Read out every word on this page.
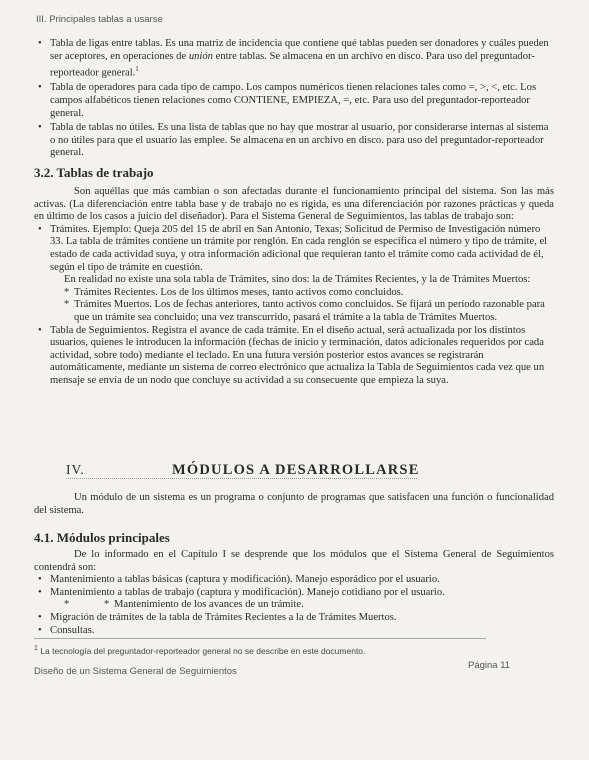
III. Principales tablas a usarse
• Tabla de ligas entre tablas. Es una matriz de incidencia que contiene qué tablas pueden ser donadores y cuáles pueden ser aceptores, en operaciones de unión entre tablas. Se almacena en un archivo en disco. Para uso del preguntador-reporteador general.$^1$
• Tabla de operadores para cada tipo de campo. Los campos numéricos tienen relaciones tales como =, >, <, etc. Los campos alfabéticos tienen relaciones como CONTIENE, EMPIEZA, =, etc. Para uso del preguntador-reporteador general.
• Tabla de tablas no útiles. Es una lista de tablas que no hay que mostrar al usuario, por considerarse internas al sistema o no útiles para que el usuario las emplee. Se almacena en un archivo en disco. para uso del preguntador-reporteador general.
3.2. Tablas de trabajo
Son aquéllas que más cambian o son afectadas durante el funcionamiento principal del sistema. Son las más activas. (La diferenciación entre tabla base y de trabajo no es rígida, es una diferenciación por razones prácticas y queda en último de los casos a juicio del diseñador). Para el Sistema General de Seguimientos, las tablas de trabajo son:
• Trámites. Ejemplo: Queja 205 del 15 de abril en San Antonio, Texas; Solicitud de Permiso de Investigación número 33. La tabla de trámites contiene un trámite por renglón. En cada renglón se especifica el número y tipo de trámite, el estado de cada actividad suya, y otra información adicional que requieran tanto el trámite como cada actividad de él, según el tipo de trámite en cuestión.
En realidad no existe una sola tabla de Trámites, sino dos: la de Trámites Recientes, y la de Trámites Muertos:
* Trámites Recientes. Los de los últimos meses, tanto activos como concluidos.
* Trámites Muertos. Los de fechas anteriores, tanto activos como concluidos. Se fijará un período razonable para que un trámite sea concluido; una vez transcurrido, pasará el trámite a la tabla de Trámites Muertos.
• Tabla de Seguimientos. Registra el avance de cada trámite. En el diseño actual, será actualizada por los distintos usuarios, quienes le introducen la información (fechas de inicio y terminación, datos adicionales requeridos por cada actividad, sobre todo) mediante el teclado. En una futura versión posterior estos avances se registrarán automáticamente, mediante un sistema de correo electrónico que actualiza la Tabla de Seguimientos cada vez que un mensaje se envía de un nodo que concluye su actividad a su consecuente que empieza la suya.
IV.	MÓDULOS A DESARROLLARSE
Un módulo de un sistema es un programa o conjunto de programas que satisfacen una función o funcionalidad del sistema.
4.1. Módulos principales
De lo informado en el Capítulo I se desprende que los módulos que el Sistema General de Seguimientos contendrá son:
• Mantenimiento a tablas básicas (captura y modificación). Manejo esporádico por el usuario.
• Mantenimiento a tablas de trabajo (captura y modificación). Manejo cotidiano por el usuario.
* * Mantenimiento de los avances de un trámite.
• Migración de trámites de la tabla de Trámites Recientes a la de Trámites Muertos.
• Consultas.
$^1$ La tecnología del preguntador-reporteador general no se describe en este documento.
Diseño de un Sistema General de Seguimientos
Página 11
